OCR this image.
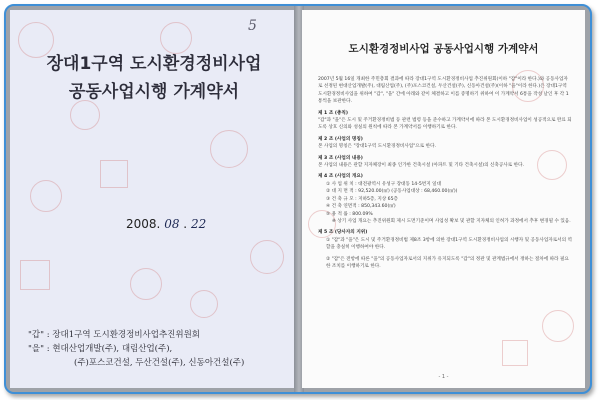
5
장대1구역 도시환경정비사업
공동사업시행 가계약서
2008. 08 . 22
"갑" : 장대1구역 도시환경정비사업추진위원회
"을" : 현대산업개발(주), 대림산업(주),
(주)포스코건설, 두산건설(주), 신동아건설(주)
도시환경정비사업 공동사업시행 가계약서
2007년 5월 16일 개최한 주민총회 결과에 따라 장대1구역 도시환경정비사업 추진위원회(이하 "갑"이라 한다.)와 공동사업자로 선정된 현대산업개발(주), 대림산업(주), (주)포스코건설, 두산건설(주), 신동아건설(주)(이하 "을"이라 한다.)은 장대1구역 도시환경정비사업을 위하여 "갑", "을" 간에 아래와 같이 체결하고 이를 증명하기 위하여 이 가계약서 6통을 작성 날인 후 각 1통씩을 보관한다.
제 1 조 (총칙)
"갑"과 "을"은 도시 및 주거환경정비법 등 관련 법령 등을 준수하고 가계약서에 따라 본 도시환경정비사업이 성공적으로 완료 되도록 상호 신의와 성실의 원칙에 따라 본 가계약서를 이행하기로 한다.
제 2 조 (사업의 명칭)
본 사업의 명칭은 "장대1구역 도시환경정비사업"으로 한다.
제 3 조 (사업의 내용)
본 사업의 내용은 관할 지자체장이 최종 인가한 건축시설 (아파트 및 기타 건축시설)의 신축공사로 한다.
제 4 조 (사업의 개요)
① 사 업 위 치 : 대전광역시 유성구 장대동 14-5번지 일대
② 대 지 면 적 : 92,520.00(㎡) (공동사업대상 : 68,460.00(㎡))
③ 건 축 규 모 : 지하5층, 지상 65층
④ 건 축 연면적 : 850,343.60(㎡)
⑤ 용 적 률 : 800.09%
※ 상기 사업 개요는 추진위원회 제시 도면기준이며 사업성 확보 및 관할 지자체의 인허가 과정에서 추후 변경될 수 있음.
제 5 조 (당사자의 지위)
① "갑"과 "을"은 도시 및 주거환경정비법 제8조 3항에 의한 장대1구역 도시환경정비사업의 시행자 및 공동사업자로서의 역할을 충실히 이행하여야 한다.
② "갑"은 전항에 따른 "을"의 공동사업자로서의 지위가 유지되도록 "갑"의 정관 및 관계법규에서 정하는 절차에 따라 필요한 조치를 이행하기로 한다.
- 1 -
